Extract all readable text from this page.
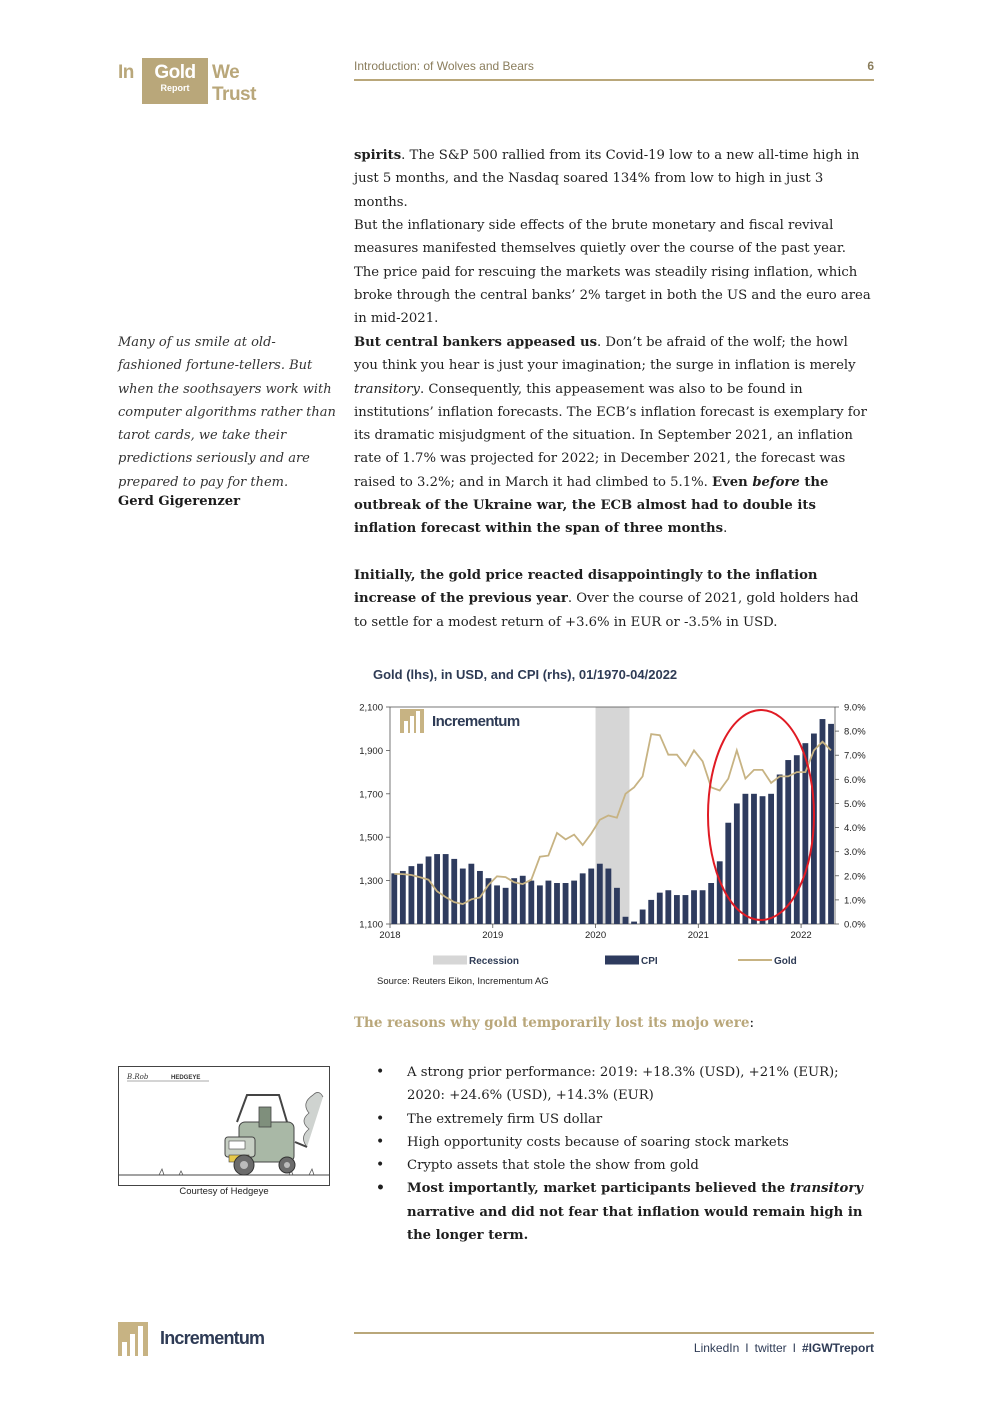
In	Gold
Report
We Trust
Introduction: of Wolves and Bears	6
spirits. The S&P 500 rallied from its Covid-19 low to a new all-time high in just 5 months, and the Nasdaq soared 134% from low to high in just 3 months.
But the inflationary side effects of the brute monetary and fiscal revival measures manifested themselves quietly over the course of the past year. The price paid for rescuing the markets was steadily rising inflation, which broke through the central banks’ 2% target in both the US and the euro area in mid-2021.
Many of us smile at old-fashioned fortune-tellers. But when the soothsayers work with computer algorithms rather than tarot cards, we take their predictions seriously and are prepared to pay for them.
Gerd Gigerenzer
But central bankers appeased us. Don’t be afraid of the wolf; the howl you think you hear is just your imagination; the surge in inflation is merely transitory. Consequently, this appeasement was also to be found in institutions’ inflation forecasts. The ECB’s inflation forecast is exemplary for its dramatic misjudgment of the situation. In September 2021, an inflation rate of 1.7% was projected for 2022; in December 2021, the forecast was raised to 3.2%; and in March it had climbed to 5.1%. Even before the outbreak of the Ukraine war, the ECB almost had to double its inflation forecast within the span of three months.
Initially, the gold price reacted disappointingly to the inflation increase of the previous year. Over the course of 2021, gold holders had to settle for a modest return of +3.6% in EUR or -3.5% in USD.
Gold (lhs), in USD, and CPI (rhs), 01/1970-04/2022
1,100
1,300
1,500
1,700
1,900
2,100
0.0%
1.0%
2.0%
3.0%
4.0%
5.0%
6.0%
7.0%
8.0%
9.0%
2018	2019	2020	2021	2022
Incrementum
Recession	CPI	Gold
Source: Reuters Eikon, Incrementum AG
The reasons why gold temporarily lost its mojo were:
• A strong prior performance: 2019: +18.3% (USD), +21% (EUR); 2020: +24.6% (USD), +14.3% (EUR)
• The extremely firm US dollar
• High opportunity costs because of soaring stock markets
• Crypto assets that stole the show from gold
• Most importantly, market participants believed the transitory narrative and did not fear that inflation would remain high in the longer term.
B.Rob	HEDGEYE
Courtesy of Hedgeye
Incrementum	LinkedIn I twitter I #IGWTreport
